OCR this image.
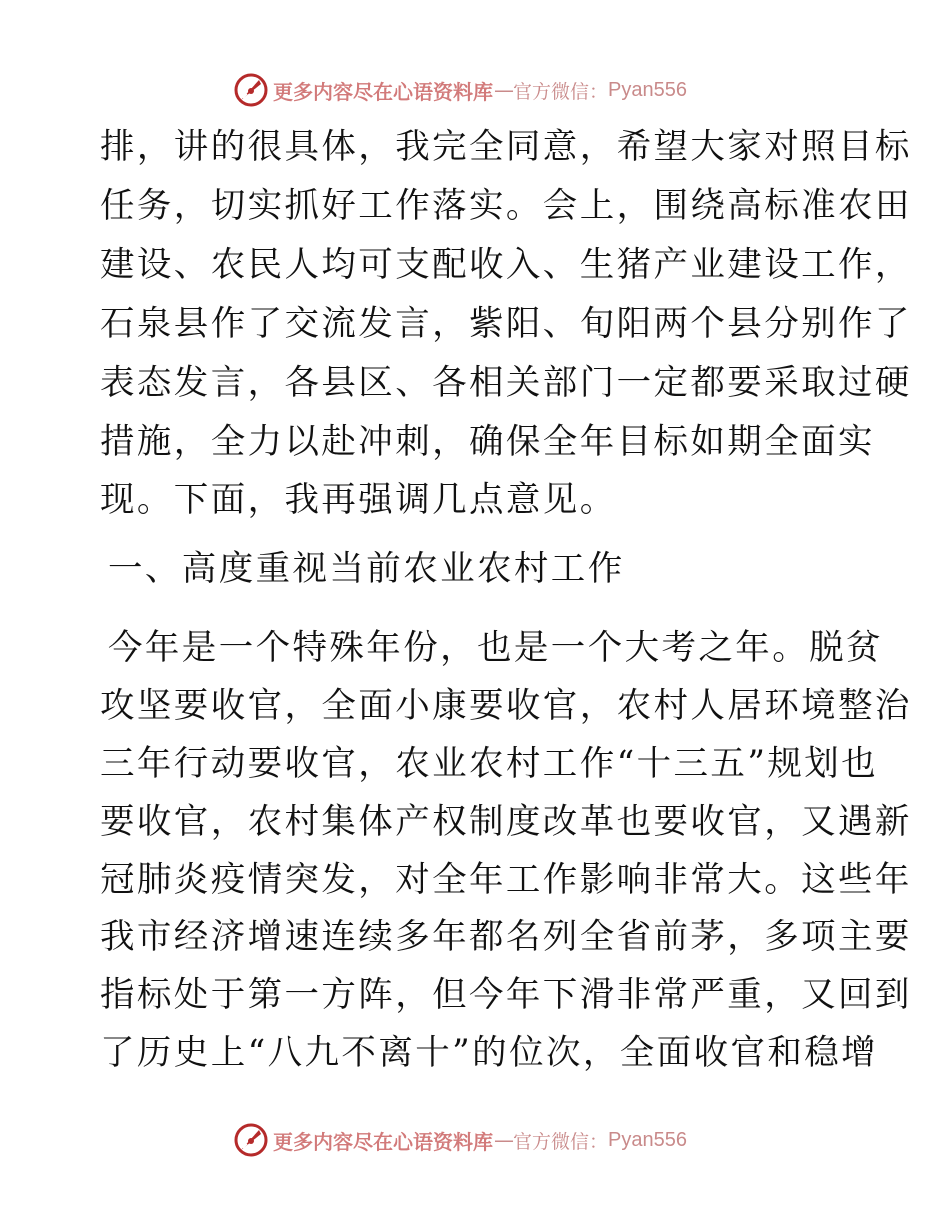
更多内容尽在心语资料库 — 官方微信： Pyan556
排，讲的很具体，我完全同意，希望大家对照目标
任务，切实抓好工作落实。会上，围绕高标准农田
建设、农民人均可支配收入、生猪产业建设工作，
石泉县作了交流发言，紫阳、旬阳两个县分别作了
表态发言，各县区、各相关部门一定都要采取过硬
措施，全力以赴冲刺，确保全年目标如期全面实
现。下面，我再强调几点意见。
一、高度重视当前农业农村工作
今年是一个特殊年份，也是一个大考之年。脱贫
攻坚要收官，全面小康要收官，农村人居环境整治
三年行动要收官，农业农村工作“十三五”规划也
要收官，农村集体产权制度改革也要收官，又遇新
冠肺炎疫情突发，对全年工作影响非常大。这些年
我市经济增速连续多年都名列全省前茅，多项主要
指标处于第一方阵，但今年下滑非常严重，又回到
了历史上“八九不离十”的位次，全面收官和稳增
更多内容尽在心语资料库 — 官方微信： Pyan556
